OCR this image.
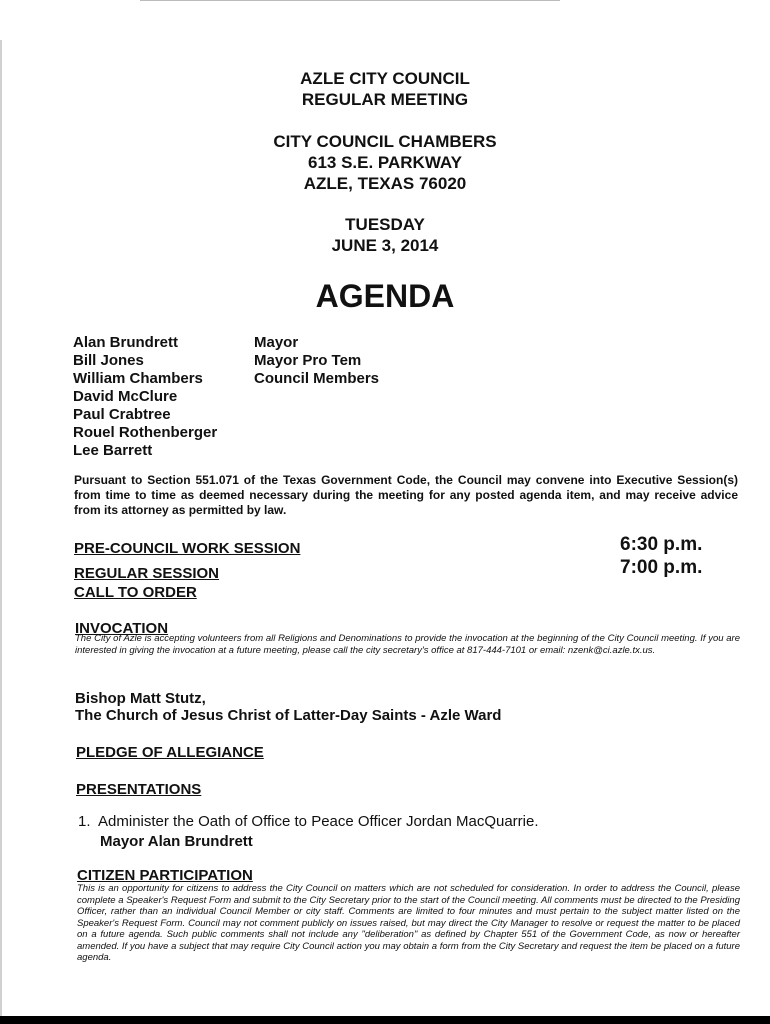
AZLE CITY COUNCIL
REGULAR MEETING
CITY COUNCIL CHAMBERS
613 S.E. PARKWAY
AZLE, TEXAS 76020
TUESDAY
JUNE 3, 2014
AGENDA
Alan Brundrett
Bill Jones
William Chambers
David McClure
Paul Crabtree
Rouel Rothenberger
Lee Barrett
Mayor
Mayor Pro Tem
Council Members
Pursuant to Section 551.071 of the Texas Government Code, the Council may convene into Executive Session(s) from time to time as deemed necessary during the meeting for any posted agenda item, and may receive advice from its attorney as permitted by law.
PRE-COUNCIL WORK SESSION	6:30 p.m.
REGULAR SESSION	7:00 p.m.
CALL TO ORDER
INVOCATION
The City of Azle is accepting volunteers from all Religions and Denominations to provide the invocation at the beginning of the City Council meeting. If you are interested in giving the invocation at a future meeting, please call the city secretary's office at 817-444-7101 or email: nzenk@ci.azle.tx.us.
Bishop Matt Stutz,
The Church of Jesus Christ of Latter-Day Saints - Azle Ward
PLEDGE OF ALLEGIANCE
PRESENTATIONS
1. Administer the Oath of Office to Peace Officer Jordan MacQuarrie.
Mayor Alan Brundrett
CITIZEN PARTICIPATION
This is an opportunity for citizens to address the City Council on matters which are not scheduled for consideration. In order to address the Council, please complete a Speaker's Request Form and submit to the City Secretary prior to the start of the Council meeting. All comments must be directed to the Presiding Officer, rather than an individual Council Member or city staff. Comments are limited to four minutes and must pertain to the subject matter listed on the Speaker's Request Form. Council may not comment publicly on issues raised, but may direct the City Manager to resolve or request the matter to be placed on a future agenda. Such public comments shall not include any "deliberation" as defined by Chapter 551 of the Government Code, as now or hereafter amended. If you have a subject that may require City Council action you may obtain a form from the City Secretary and request the item be placed on a future agenda.
